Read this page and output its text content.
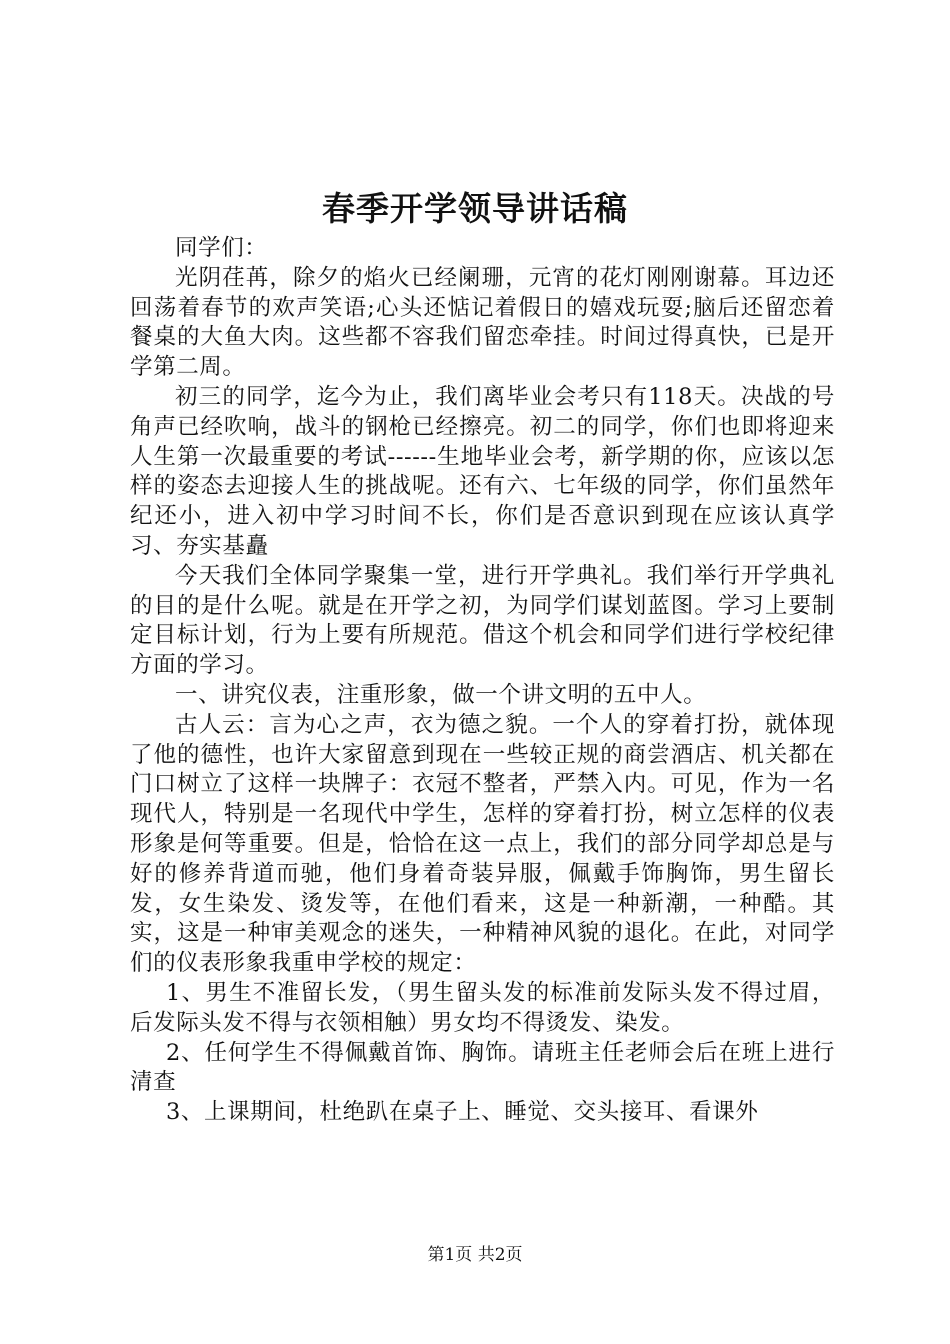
春季开学领导讲话稿

同学们：

光阴荏苒，除夕的焰火已经阑珊，元宵的花灯刚刚谢幕。耳边还回荡着春节的欢声笑语;心头还惦记着假日的嬉戏玩耍;脑后还留恋着餐桌的大鱼大肉。这些都不容我们留恋牵挂。时间过得真快，已是开学第二周。

初三的同学，迄今为止，我们离毕业会考只有118天。决战的号角声已经吹响，战斗的钢枪已经擦亮。初二的同学，你们也即将迎来人生第一次最重要的考试------生地毕业会考，新学期的你，应该以怎样的姿态去迎接人生的挑战呢。还有六、七年级的同学，你们虽然年纪还小，进入初中学习时间不长，你们是否意识到现在应该认真学习、夯实基矗

今天我们全体同学聚集一堂，进行开学典礼。我们举行开学典礼的目的是什么呢。就是在开学之初，为同学们谋划蓝图。学习上要制定目标计划，行为上要有所规范。借这个机会和同学们进行学校纪律方面的学习。

一、讲究仪表，注重形象，做一个讲文明的五中人。

古人云：言为心之声，衣为德之貌。一个人的穿着打扮，就体现了他的德性，也许大家留意到现在一些较正规的商尝酒店、机关都在门口树立了这样一块牌子：衣冠不整者，严禁入内。可见，作为一名现代人，特别是一名现代中学生，怎样的穿着打扮，树立怎样的仪表形象是何等重要。但是，恰恰在这一点上，我们的部分同学却总是与好的修养背道而驰，他们身着奇装异服，佩戴手饰胸饰，男生留长发，女生染发、烫发等，在他们看来，这是一种新潮，一种酷。其实，这是一种审美观念的迷失，一种精神风貌的退化。在此，对同学们的仪表形象我重申学校的规定：

1、男生不准留长发，（男生留头发的标准前发际头发不得过眉，后发际头发不得与衣领相触）男女均不得烫发、染发。

2、任何学生不得佩戴首饰、胸饰。请班主任老师会后在班上进行清查

3、上课期间，杜绝趴在桌子上、睡觉、交头接耳、看课外

第1页 共2页
